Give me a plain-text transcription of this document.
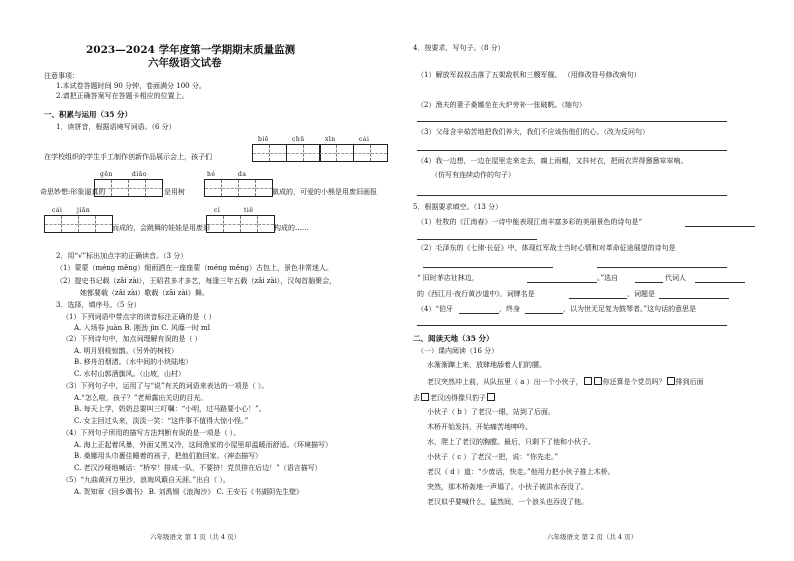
2023—2024 学年度第一学期期末质量监测
六年级语文试卷
注意事项：
1.本试卷答题时间 90 分钟，卷面满分 100 分。
2.请把正确答案写在答题卡相应的位置上。
一、积累与运用（35 分）
1．读拼音，根据语境写词语。（6 分）
biē	chū	xīn	cái
在学校组织的学生手工制作创新作品展示会上，孩子们
gēn	diāo	hé	da
奇思妙想:形象逼真的	是用树	做成的，可爱的小熊是用废旧画报
cái jiān	cí	tiě
而成的，会跳舞的娃娃是用废旧	构成的……
2．用“√”标出加点字的正确读音。（3 分）
（1）蒙蒙（méng měng）细雨洒在一座座蒙（méng měng）古包上，景色非常迷人。
（2）提史书记载（zǎi zài），王昭君多才多艺，每逢三年五载（zǎi zài），汉匈首脑聚会，
她都要载（zǎi zài）歌载（zǎi zài）舞。
3．选择，填序号。（5 分）
（1）下列词语中带点字的读音标注正确的是（ ）
A. 入场券 juàn B. 刚劲 jìn C. 风靡一时 mǐ
（2）下列诗句中，加点词理解有误的是（ ）
A. 明月别枝惊鹊。（另外的树枝）
B. 移舟泊烟渚。（水中间的小块陆地）
C. 水村山郭酒旗风。（山坡，山村）
（3）下列句子中，运用了与“说”有关的词语来表达的一项是（ ）。
A.“怎么啦，孩子？”老师露出关切的目光。
B. 每天上学，奶奶总要叫三叮嘱：“小明，过马路要小心！”。
C. 女主回过头来，淡淡一笑：“这件事不值得大惊小怪。”
（4）下列句子所用的描写方法判断有误的是一项是（ ）。
A. 海上正起着风暴，外面又黑又冷，这间渔家的小屋里却温暖而舒适。（环境描写）
B. 桑娜用头巾裹住睡着的孩子，把他们抱回家。（神态描写）
C. 老汉沙哑地喊话：“桥窄！排成一队，不要挤！党员排在后边！”（语言描写）
（5）“九曲黄河万里沙，浪淘风簸自天涯。”出自（ ）。
A. 贺知章《回乡偶书》 B. 刘禹锡《浪淘沙》 C. 王安石《书湖阴先生壁》
六年级语文 第 1 页（共 4 页）
4．按要求，写句子。（8 分）
（1）解放军叔叔击落了五架敌机和三艘军舰。 （用修改符号修改病句）
（2）渔夫的妻子桑娜坐在火炉旁补一张破帆。（缩句）
（3）父母含辛茹苦地把我们养大，我们不应该伤他们的心。（改为反问句）
（4）我一边想，一边在屋里走来走去，瘸上雨帽，又抖衬衣，把雨衣弄得窸窸窣窣响。
（仿写有连续动作的句子）
5．根据要求填空。（13 分）
（1）杜牧的《江南春》一诗中能表现江南丰富多彩的美丽景色的诗句是“
（2）毛泽东的《七律·长征》中，体现红军战士当时心情和对革命征途展望的诗句是
“ 旧时茅店社林边，	。”选自	代词人
的《西江月·夜行黄沙道中》，词牌名是	，词题是
（4）“伯牙	，终身	，以为世无足复为鼓琴者。”这句话的意思是
二、阅读天地（35 分）
（一）课内阅读（16 分）
水渐渐蹿上来，放肆地舔着人们的腰。
老汉突然冲上前，从队伍里（ a ）出一个小伙子，	你还算是个党员吗？ 排到后面
去 老汉凶得像只豹子
小伙子（ b ）了老汉一眼，站到了后面。
木桥开始发抖，开始痛苦地呻吟。
水，爬上了老汉的胸膛。最后，只剩下了他和小伙子。
小伙子（ c ）了老汉一把，说：“你先走。”
老汉（ d ）道：“少废话，快走。”他用力把小伙子推上木桥。
突然，那木桥轰地一声塌了。小伙子被洪水吞没了。
老汉似乎要喊什么，猛然间，一个浪头也吞没了他。
六年级语文 第 2 页（共 4 页）
